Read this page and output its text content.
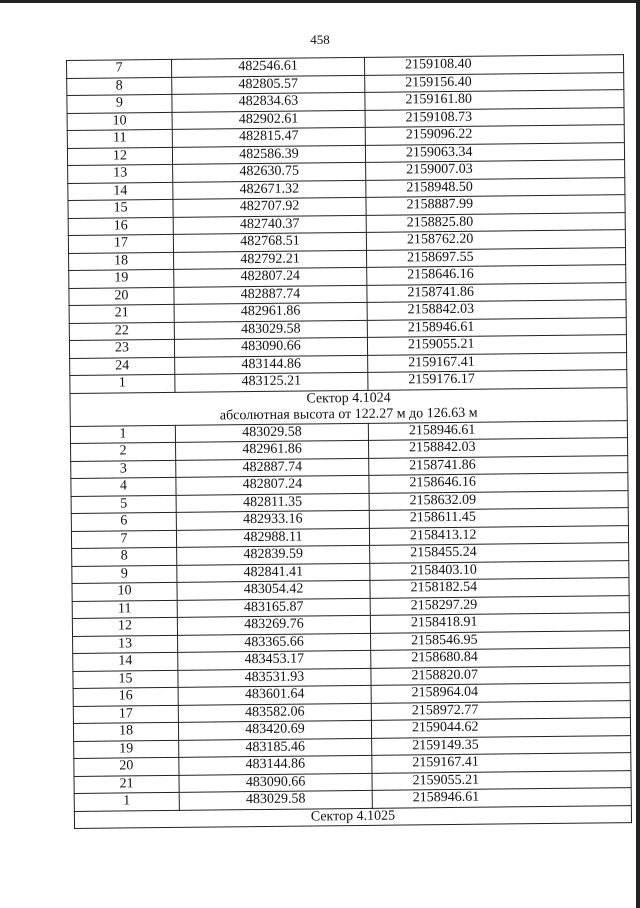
458
7	482546.61	2159108.40
8	482805.57	2159156.40
9	482834.63	2159161.80
10	482902.61	2159108.73
11	482815.47	2159096.22
12	482586.39	2159063.34
13	482630.75	2159007.03
14	482671.32	2158948.50
15	482707.92	2158887.99
16	482740.37	2158825.80
17	482768.51	2158762.20
18	482792.21	2158697.55
19	482807.24	2158646.16
20	482887.74	2158741.86
21	482961.86	2158842.03
22	483029.58	2158946.61
23	483090.66	2159055.21
24	483144.86	2159167.41
1	483125.21	2159176.17
Сектор 4.1024		
абсолютная высота от 122.27 м до 126.63 м		
1	483029.58	2158946.61
2	482961.86	2158842.03
3	482887.74	2158741.86
4	482807.24	2158646.16
5	482811.35	2158632.09
6	482933.16	2158611.45
7	482988.11	2158413.12
8	482839.59	2158455.24
9	482841.41	2158403.10
10	483054.42	2158182.54
11	483165.87	2158297.29
12	483269.76	2158418.91
13	483365.66	2158546.95
14	483453.17	2158680.84
15	483531.93	2158820.07
16	483601.64	2158964.04
17	483582.06	2158972.77
18	483420.69	2159044.62
19	483185.46	2159149.35
20	483144.86	2159167.41
21	483090.66	2159055.21
1	483029.58	2158946.61
Сектор 4.1025		
